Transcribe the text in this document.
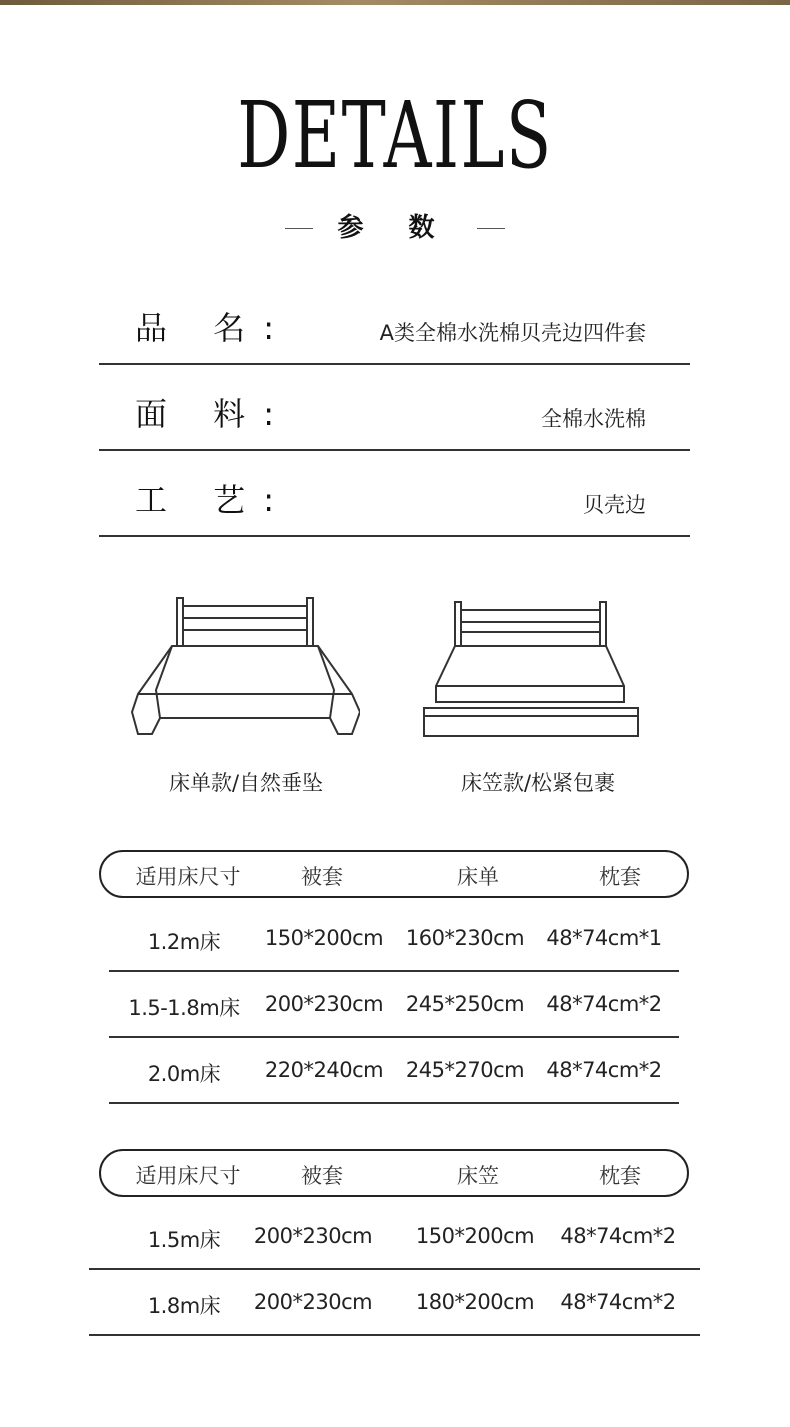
DETAILS
参 数
品 名:	A类全棉水洗棉贝壳边四件套
面 料:	全棉水洗棉
工 艺:	贝壳边
床单款/自然垂坠	床笠款/松紧包裹
适用床尺寸	被套	床单	枕套
1.2m床	150*200cm	160*230cm	48*74cm*1
1.5-1.8m床	200*230cm	245*250cm	48*74cm*2
2.0m床	220*240cm	245*270cm	48*74cm*2
适用床尺寸	被套	床笠	枕套
1.5m床	200*230cm	150*200cm	48*74cm*2
1.8m床	200*230cm	180*200cm	48*74cm*2
